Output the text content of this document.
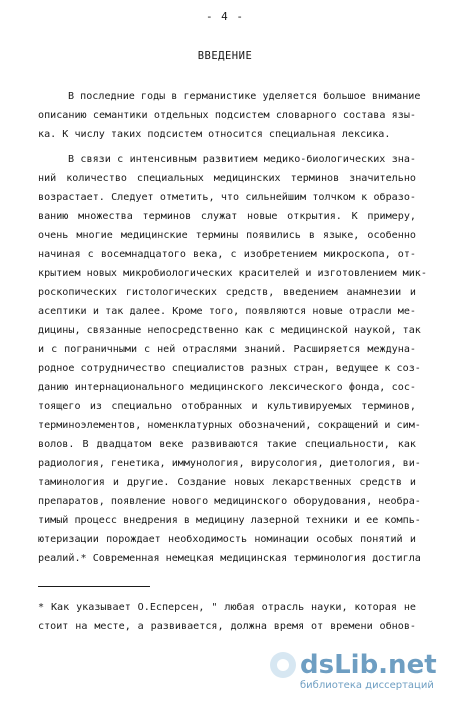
- 4 -
ВВЕДЕНИЕ
В последние годы в германистике уделяется большое внимание
описанию семантики отдельных подсистем словарного состава язы-
ка. К числу таких подсистем относится специальная лексика.
В связи с интенсивным развитием медико-биологических зна-
ний количество специальных медицинских терминов значительно
возрастает. Следует отметить, что сильнейшим толчком к образо-
ванию множества терминов служат новые открытия. К примеру,
очень многие медицинские термины появились в языке, особенно
начиная с восемнадцатого века, с изобретением микроскопа, от-
крытием новых микробиологических красителей и изготовлением мик-
роскопических гистологических средств, введением анамнезии и
асептики и так далее. Кроме того, появляются новые отрасли ме-
дицины, связанные непосредственно как с медицинской наукой, так
и с пограничными с ней отраслями знаний. Расширяется междуна-
родное сотрудничество специалистов разных стран, ведущее к соз-
данию интернационального медицинского лексического фонда, сос-
тоящего из специально отобранных и культивируемых терминов,
терминоэлементов, номенклатурных обозначений, сокращений и сим-
волов. В двадцатом веке развиваются такие специальности, как
радиология, генетика, иммунология, вирусология, диетология, ви-
таминология и другие. Создание новых лекарственных средств и
препаратов, появление нового медицинского оборудования, необра-
тимый процесс внедрения в медицину лазерной техники и ее компь-
ютеризации порождает необходимость номинации особых понятий и
реалий.* Современная немецкая медицинская терминология достигла
* Как указывает О.Есперсен, " любая отрасль науки, которая не
стоит на месте, а развивается, должна время от времени обнов-
dsLib.net
библиотека диссертаций
